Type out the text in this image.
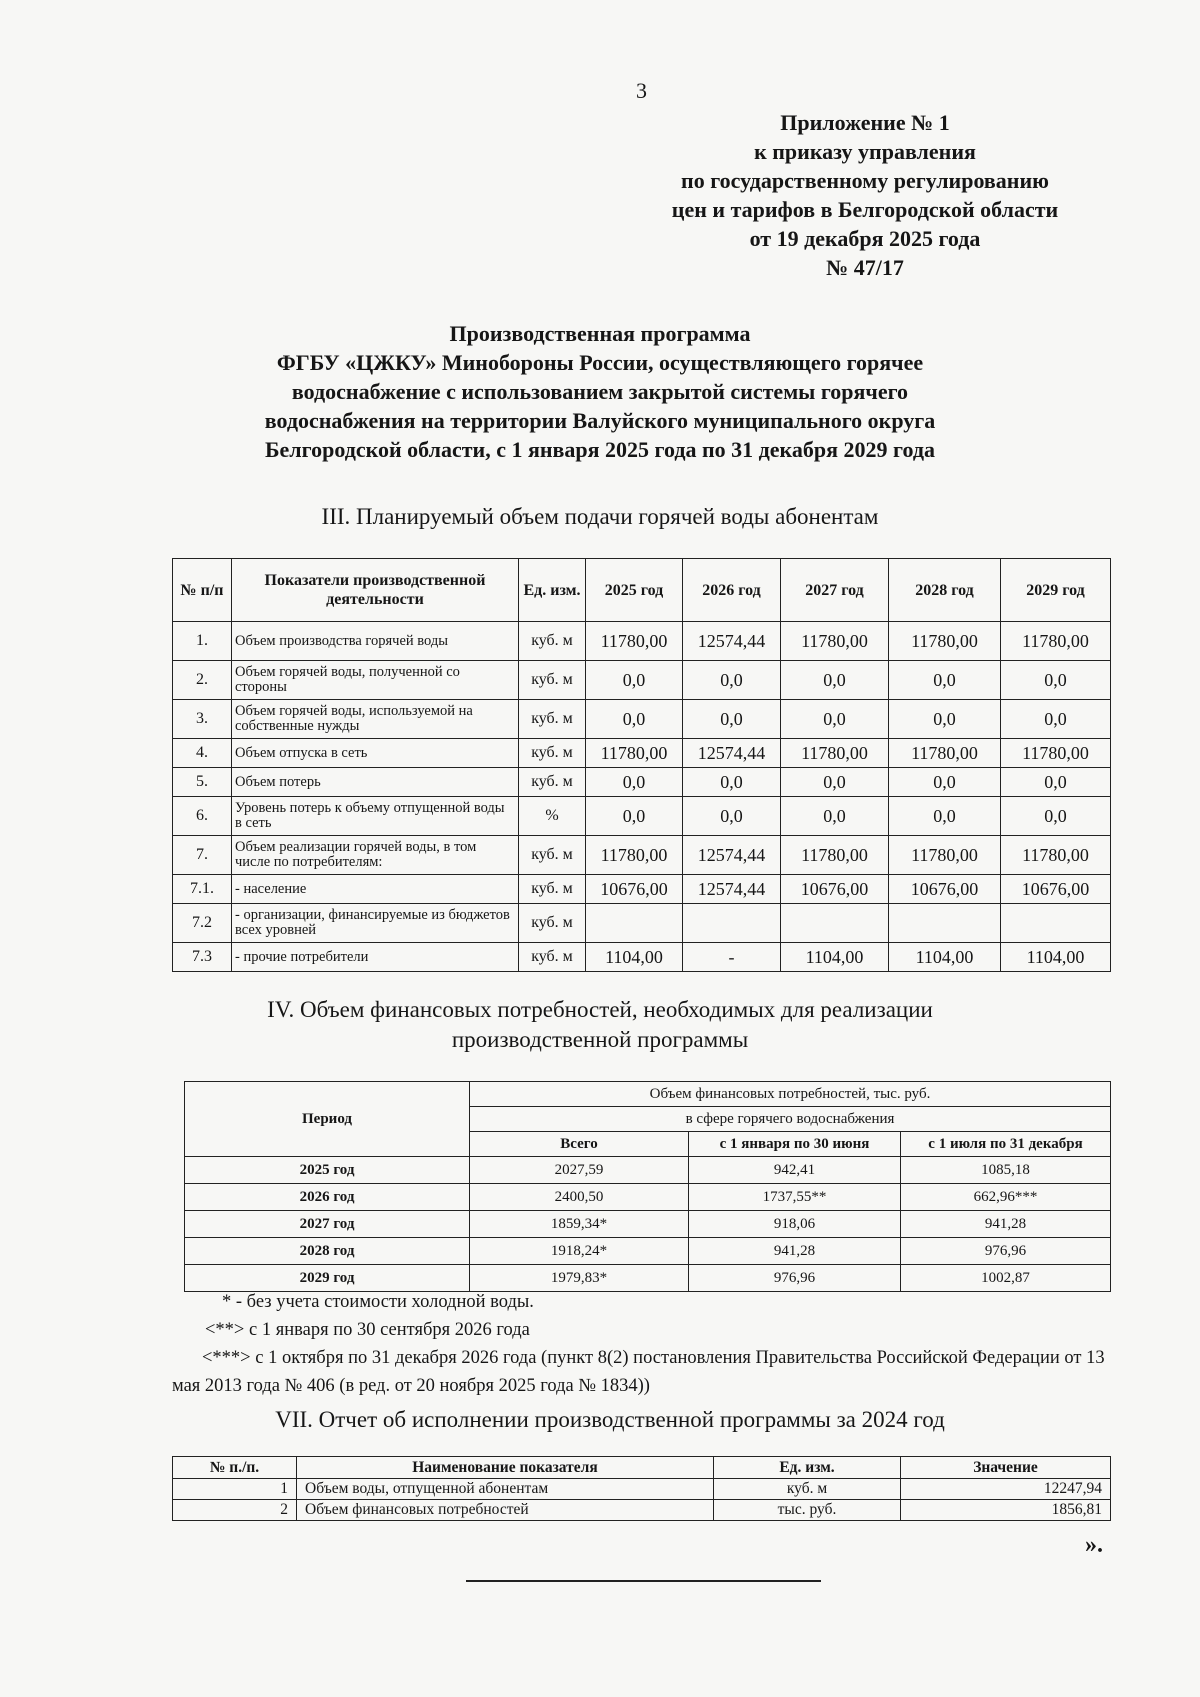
3
Приложение № 1
к приказу управления
по государственному регулированию
цен и тарифов в Белгородской области
от 19 декабря 2025 года
№ 47/17
Производственная программа
ФГБУ «ЦЖКУ» Минобороны России, осуществляющего горячее
водоснабжение с использованием закрытой системы горячего
водоснабжения на территории Валуйского муниципального округа
Белгородской области, с 1 января 2025 года по 31 декабря 2029 года
III. Планируемый объем подачи горячей воды абонентам
№ п/п	Показатели производственной деятельности	Ед. изм.	2025 год	2026 год	2027 год	2028 год	2029 год
1.	Объем производства горячей воды	куб. м	11780,00	12574,44	11780,00	11780,00	11780,00
2.	Объем горячей воды, полученной со стороны	куб. м	0,0	0,0	0,0	0,0	0,0
3.	Объем горячей воды, используемой на собственные нужды	куб. м	0,0	0,0	0,0	0,0	0,0
4.	Объем отпуска в сеть	куб. м	11780,00	12574,44	11780,00	11780,00	11780,00
5.	Объем потерь	куб. м	0,0	0,0	0,0	0,0	0,0
6.	Уровень потерь к объему отпущенной воды в сеть	%	0,0	0,0	0,0	0,0	0,0
7.	Объем реализации горячей воды, в том числе по потребителям:	куб. м	11780,00	12574,44	11780,00	11780,00	11780,00
7.1.	- население	куб. м	10676,00	12574,44	10676,00	10676,00	10676,00
7.2	- организации, финансируемые из бюджетов всех уровней	куб. м					
7.3	- прочие потребители	куб. м	1104,00	-	1104,00	1104,00	1104,00
IV. Объем финансовых потребностей, необходимых для реализации
производственной программы
Период	Объем финансовых потребностей, тыс. руб.		
	в сфере горячего водоснабжения		
	Всего	с 1 января по 30 июня	с 1 июля по 31 декабря
2025 год	2027,59	942,41	1085,18
2026 год	2400,50	1737,55**	662,96***
2027 год	1859,34*	918,06	941,28
2028 год	1918,24*	941,28	976,96
2029 год	1979,83*	976,96	1002,87

* - без учета стоимости холодной воды.

<**> с 1 января по 30 сентября 2026 года

<***> с 1 октября по 31 декабря 2026 года (пункт 8(2) постановления Правительства Российской Федерации от 13 мая 2013 года № 406 (в ред. от 20 ноября 2025 года № 1834))

VII. Отчет об исполнении производственной программы за 2024 год
№ п./п.	Наименование показателя	Ед. изм.	Значение
1	Объем воды, отпущенной абонентам	куб. м	12247,94
2	Объем финансовых потребностей	тыс. руб.	1856,81
».
